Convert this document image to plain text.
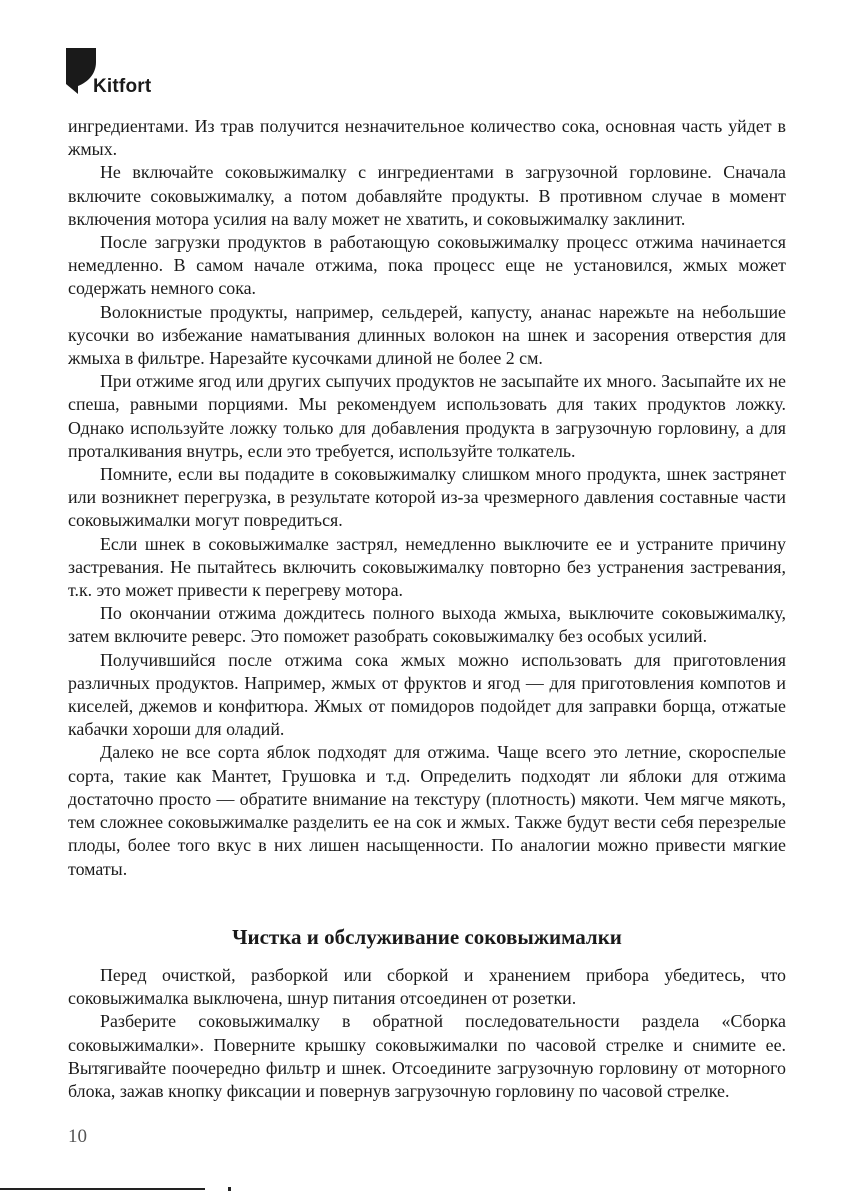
Kitfort

ингредиентами. Из трав получится незначительное количество сока, основная часть уйдет в жмых.

Не включайте соковыжималку с ингредиентами в загрузочной горловине. Сначала включите соковыжималку, а потом добавляйте продукты. В противном случае в момент включения мотора усилия на валу может не хватить, и соковыжималку заклинит.

После загрузки продуктов в работающую соковыжималку процесс отжима начинается немедленно. В самом начале отжима, пока процесс еще не установился, жмых может содержать немного сока.

Волокнистые продукты, например, сельдерей, капусту, ананас нарежьте на небольшие кусочки во избежание наматывания длинных волокон на шнек и засорения отверстия для жмыха в фильтре. Нарезайте кусочками длиной не более 2 см.

При отжиме ягод или других сыпучих продуктов не засыпайте их много. Засыпайте их не спеша, равными порциями. Мы рекомендуем использовать для таких продуктов ложку. Однако используйте ложку только для добавления продукта в загрузочную горловину, а для проталкивания внутрь, если это требуется, используйте толкатель.

Помните, если вы подадите в соковыжималку слишком много продукта, шнек застрянет или возникнет перегрузка, в результате которой из-за чрезмерного давления составные части соковыжималки могут повредиться.

Если шнек в соковыжималке застрял, немедленно выключите ее и устраните причину застревания. Не пытайтесь включить соковыжималку повторно без устранения застревания, т.к. это может привести к перегреву мотора.

По окончании отжима дождитесь полного выхода жмыха, выключите соковыжималку, затем включите реверс. Это поможет разобрать соковыжималку без особых усилий.

Получившийся после отжима сока жмых можно использовать для приготовления различных продуктов. Например, жмых от фруктов и ягод — для приготовления компотов и киселей, джемов и конфитюра. Жмых от помидоров подойдет для заправки борща, отжатые кабачки хороши для оладий.

Далеко не все сорта яблок подходят для отжима. Чаще всего это летние, скороспелые сорта, такие как Мантет, Грушовка и т.д. Определить подходят ли яблоки для отжима достаточно просто — обратите внимание на текстуру (плотность) мякоти. Чем мягче мякоть, тем сложнее соковыжималке разделить ее на сок и жмых. Также будут вести себя перезрелые плоды, более того вкус в них лишен насыщенности. По аналогии можно привести мягкие томаты.

Чистка и обслуживание соковыжималки

Перед очисткой, разборкой или сборкой и хранением прибора убедитесь, что соковыжималка выключена, шнур питания отсоединен от розетки.

Разберите соковыжималку в обратной последовательности раздела «Сборка соковыжималки». Поверните крышку соковыжималки по часовой стрелке и снимите ее. Вытягивайте поочередно фильтр и шнек. Отсоедините загрузочную горловину от моторного блока, зажав кнопку фиксации и повернув загрузочную горловину по часовой стрелке.

10
